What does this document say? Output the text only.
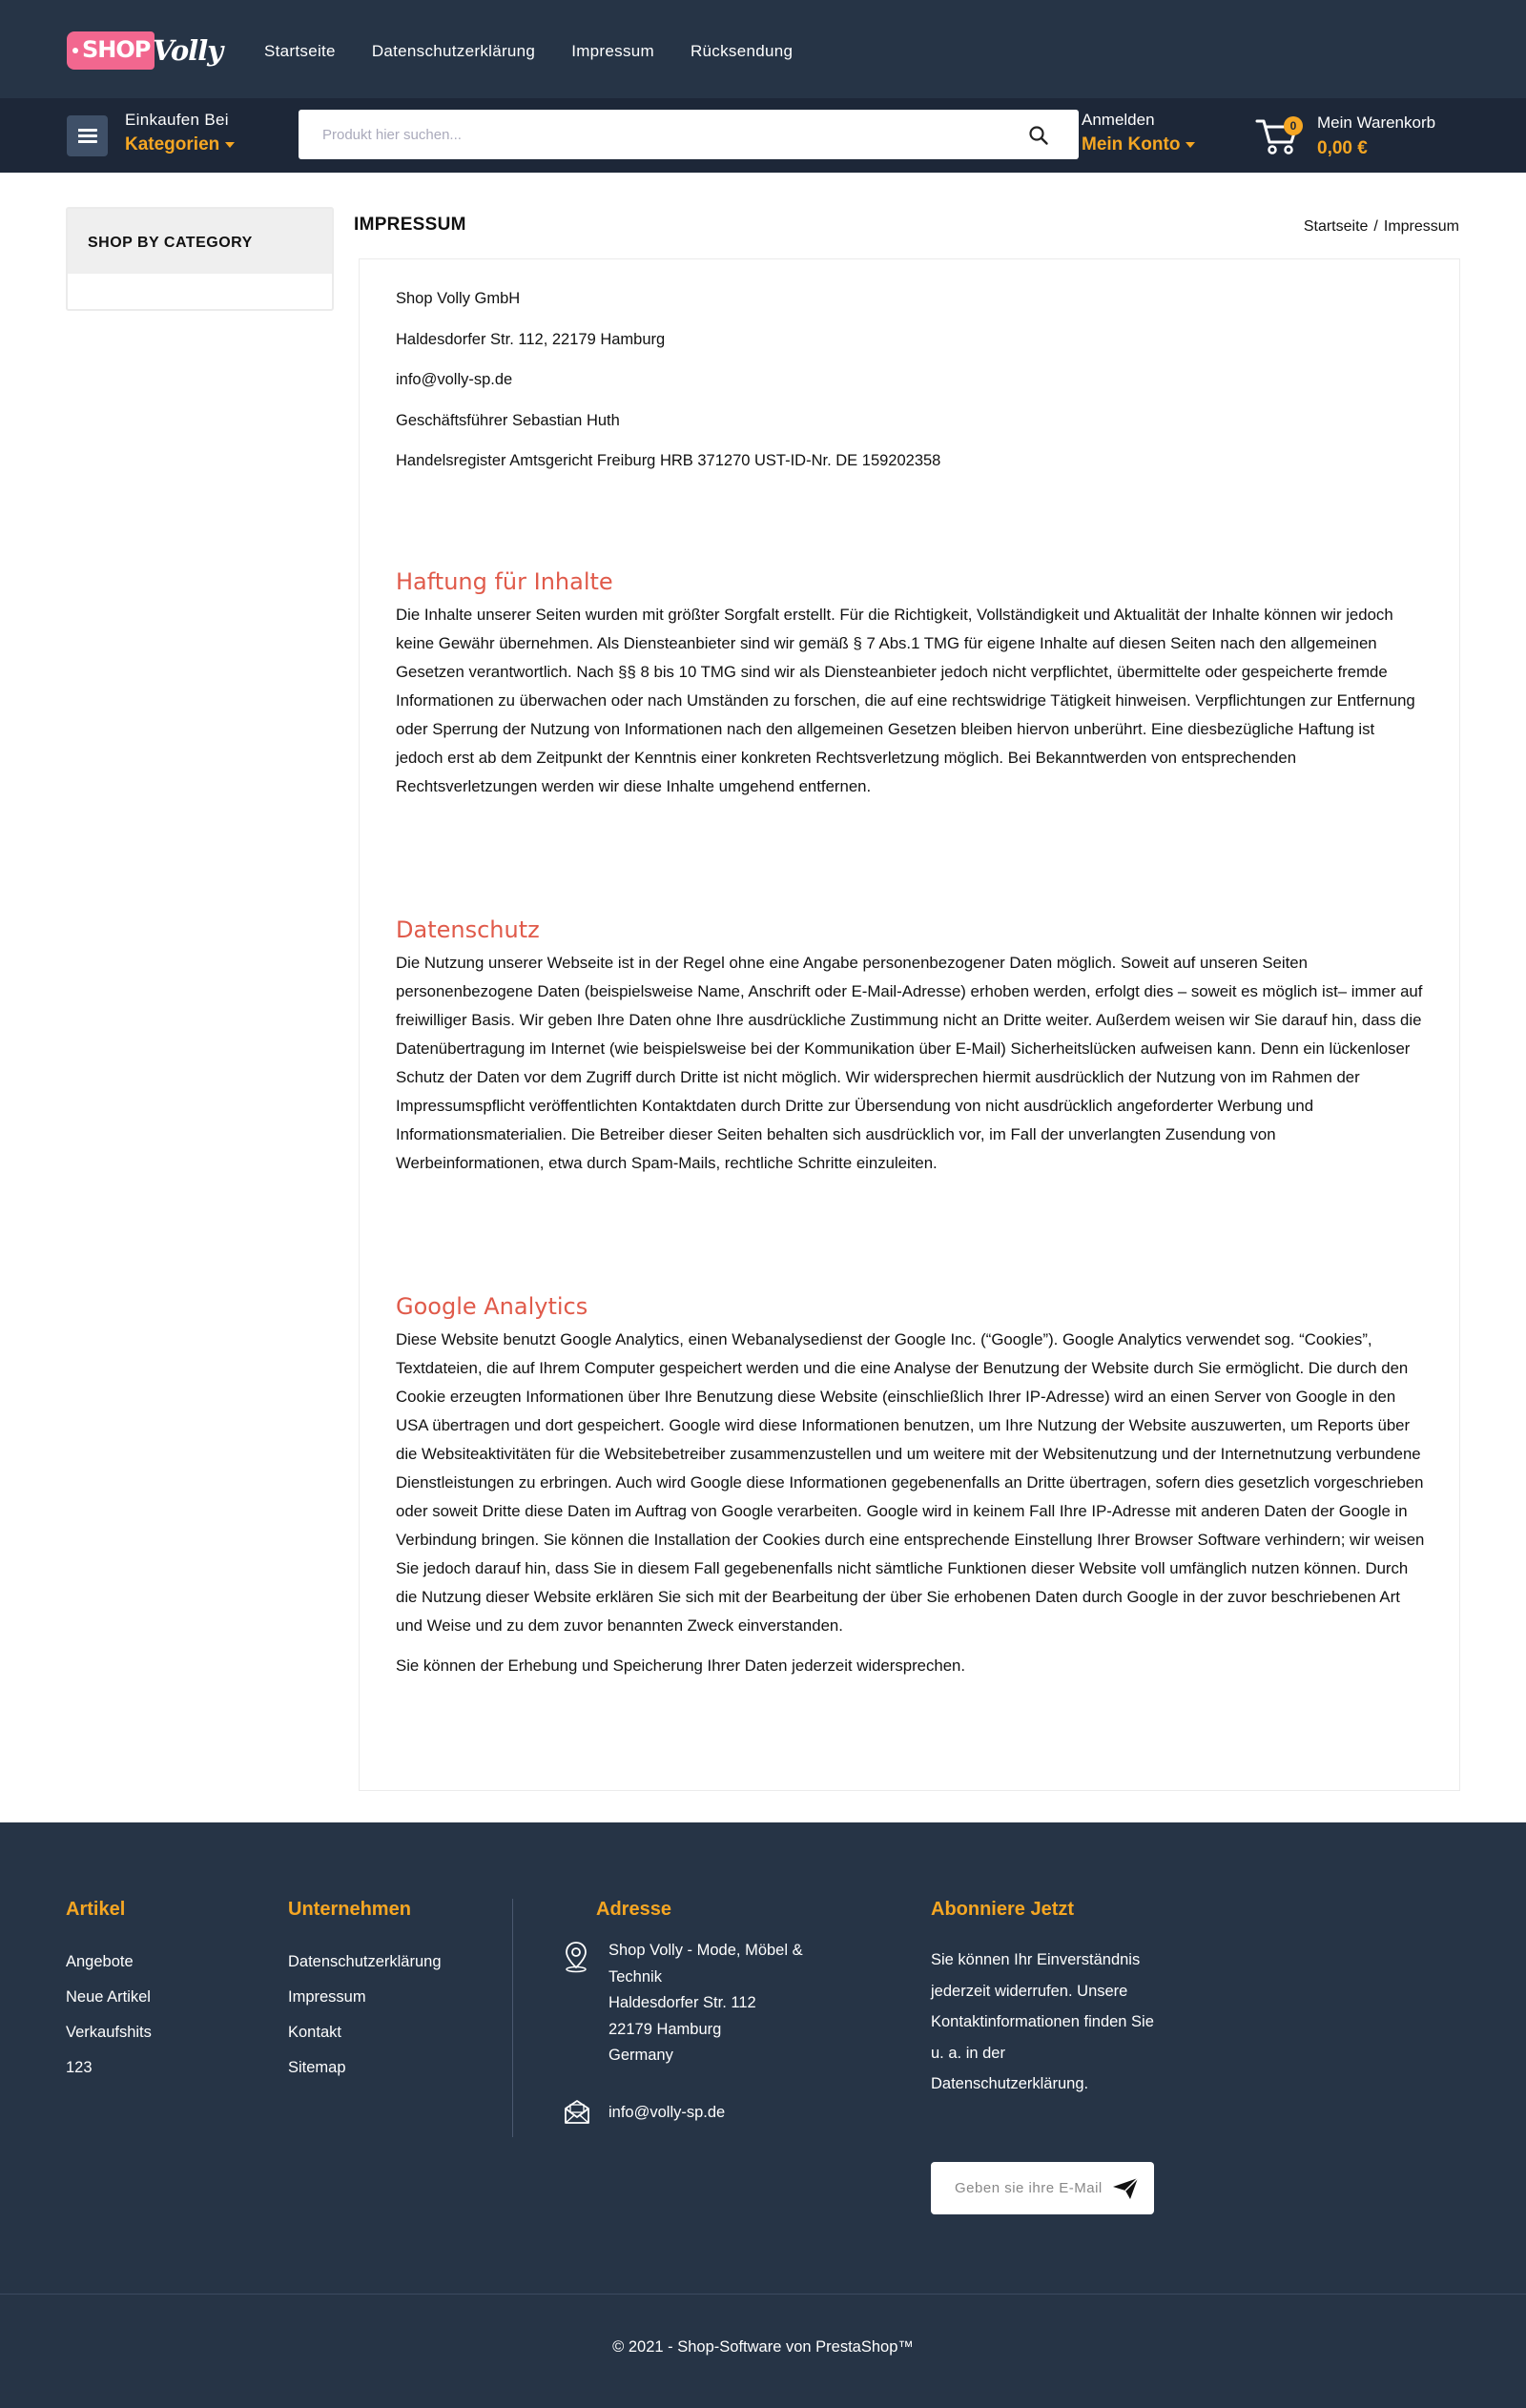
SHOP Volly	Startseite Datenschutzerklärung Impressum Rücksendung
Einkaufen Bei
Kategorien
Produkt hier suchen...
Anmelden
Mein Konto
0	Mein Warenkorb
0,00 €
SHOP BY CATEGORY
IMPRESSUM	Startseite / Impressum

Shop Volly GmbH

Haldesdorfer Str. 112, 22179 Hamburg

info@volly-sp.de

Geschäftsführer Sebastian Huth

Handelsregister Amtsgericht Freiburg HRB 371270 UST-ID-Nr. DE 159202358

Haftung für Inhalte

Die Inhalte unserer Seiten wurden mit größter Sorgfalt erstellt. Für die Richtigkeit, Vollständigkeit und Aktualität der Inhalte können wir jedoch keine Gewähr übernehmen. Als Diensteanbieter sind wir gemäß § 7 Abs.1 TMG für eigene Inhalte auf diesen Seiten nach den allgemeinen Gesetzen verantwortlich. Nach §§ 8 bis 10 TMG sind wir als Diensteanbieter jedoch nicht verpflichtet, übermittelte oder gespeicherte fremde Informationen zu überwachen oder nach Umständen zu forschen, die auf eine rechtswidrige Tätigkeit hinweisen. Verpflichtungen zur Entfernung oder Sperrung der Nutzung von Informationen nach den allgemeinen Gesetzen bleiben hiervon unberührt. Eine diesbezügliche Haftung ist jedoch erst ab dem Zeitpunkt der Kenntnis einer konkreten Rechtsverletzung möglich. Bei Bekanntwerden von entsprechenden Rechtsverletzungen werden wir diese Inhalte umgehend entfernen.

Datenschutz

Die Nutzung unserer Webseite ist in der Regel ohne eine Angabe personenbezogener Daten möglich. Soweit auf unseren Seiten personenbezogene Daten (beispielsweise Name, Anschrift oder E-Mail-Adresse) erhoben werden, erfolgt dies – soweit es möglich ist– immer auf freiwilliger Basis. Wir geben Ihre Daten ohne Ihre ausdrückliche Zustimmung nicht an Dritte weiter. Außerdem weisen wir Sie darauf hin, dass die Datenübertragung im Internet (wie beispielsweise bei der Kommunikation über E-Mail) Sicherheitslücken aufweisen kann. Denn ein lückenloser Schutz der Daten vor dem Zugriff durch Dritte ist nicht möglich. Wir widersprechen hiermit ausdrücklich der Nutzung von im Rahmen der Impressumspflicht veröffentlichten Kontaktdaten durch Dritte zur Übersendung von nicht ausdrücklich angeforderter Werbung und Informationsmaterialien. Die Betreiber dieser Seiten behalten sich ausdrücklich vor, im Fall der unverlangten Zusendung von Werbeinformationen, etwa durch Spam-Mails, rechtliche Schritte einzuleiten.

Google Analytics

Diese Website benutzt Google Analytics, einen Webanalysedienst der Google Inc. (“Google”). Google Analytics verwendet sog. “Cookies”, Textdateien, die auf Ihrem Computer gespeichert werden und die eine Analyse der Benutzung der Website durch Sie ermöglicht. Die durch den Cookie erzeugten Informationen über Ihre Benutzung diese Website (einschließlich Ihrer IP-Adresse) wird an einen Server von Google in den USA übertragen und dort gespeichert. Google wird diese Informationen benutzen, um Ihre Nutzung der Website auszuwerten, um Reports über die Websiteaktivitäten für die Websitebetreiber zusammenzustellen und um weitere mit der Websitenutzung und der Internetnutzung verbundene Dienstleistungen zu erbringen. Auch wird Google diese Informationen gegebenenfalls an Dritte übertragen, sofern dies gesetzlich vorgeschrieben oder soweit Dritte diese Daten im Auftrag von Google verarbeiten. Google wird in keinem Fall Ihre IP-Adresse mit anderen Daten der Google in Verbindung bringen. Sie können die Installation der Cookies durch eine entsprechende Einstellung Ihrer Browser Software verhindern; wir weisen Sie jedoch darauf hin, dass Sie in diesem Fall gegebenenfalls nicht sämtliche Funktionen dieser Website voll umfänglich nutzen können. Durch die Nutzung dieser Website erklären Sie sich mit der Bearbeitung der über Sie erhobenen Daten durch Google in der zuvor beschriebenen Art und Weise und zu dem zuvor benannten Zweck einverstanden.

Sie können der Erhebung und Speicherung Ihrer Daten jederzeit widersprechen.

Artikel
Angebote
Neue Artikel
Verkaufshits
123
Unternehmen
Datenschutzerklärung
Impressum
Kontakt
Sitemap
Adresse
Shop Volly - Mode, Möbel &
Technik
Haldesdorfer Str. 112
22179 Hamburg
Germany
info@volly-sp.de
Abonniere Jetzt

Sie können Ihr Einverständnis jederzeit widerrufen. Unsere Kontaktinformationen finden Sie u. a. in der Datenschutzerklärung.

Geben sie ihre E-Mail
© 2021 - Shop-Software von PrestaShop™
